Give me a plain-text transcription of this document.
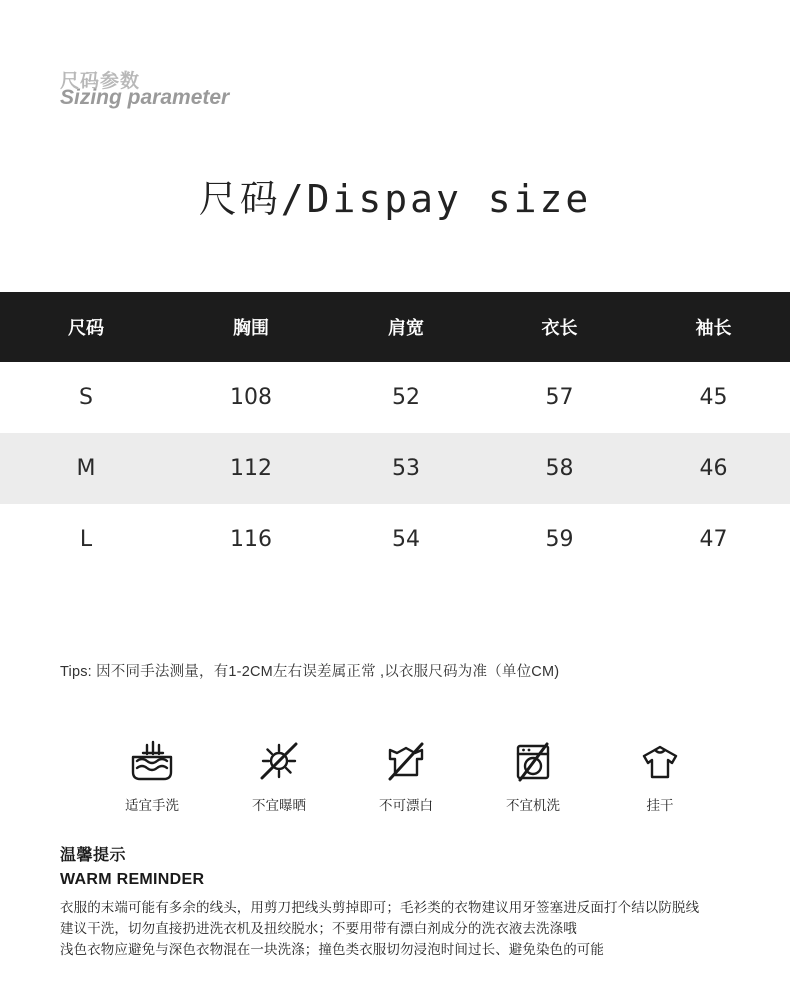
尺码参数
Sizing parameter
尺码/Dispay size
尺码	胸围	肩宽	衣长	袖长
S	108	52	57	45
M	112	53	58	46
L	116	54	59	47
Tips: 因不同手法测量，有1-2CM左右误差属正常 ,以衣服尺码为准（单位CM)
适宜手洗	不宜曝晒	不可漂白	不宜机洗	挂干
温馨提示
WARM REMINDER
衣服的末端可能有多余的线头，用剪刀把线头剪掉即可；毛衫类的衣物建议用牙签塞进反面打个结以防脱线
建议干洗，切勿直接扔进洗衣机及扭绞脱水；不要用带有漂白剂成分的洗衣液去洗涤哦
浅色衣物应避免与深色衣物混在一块洗涤；撞色类衣服切勿浸泡时间过长、避免染色的可能
